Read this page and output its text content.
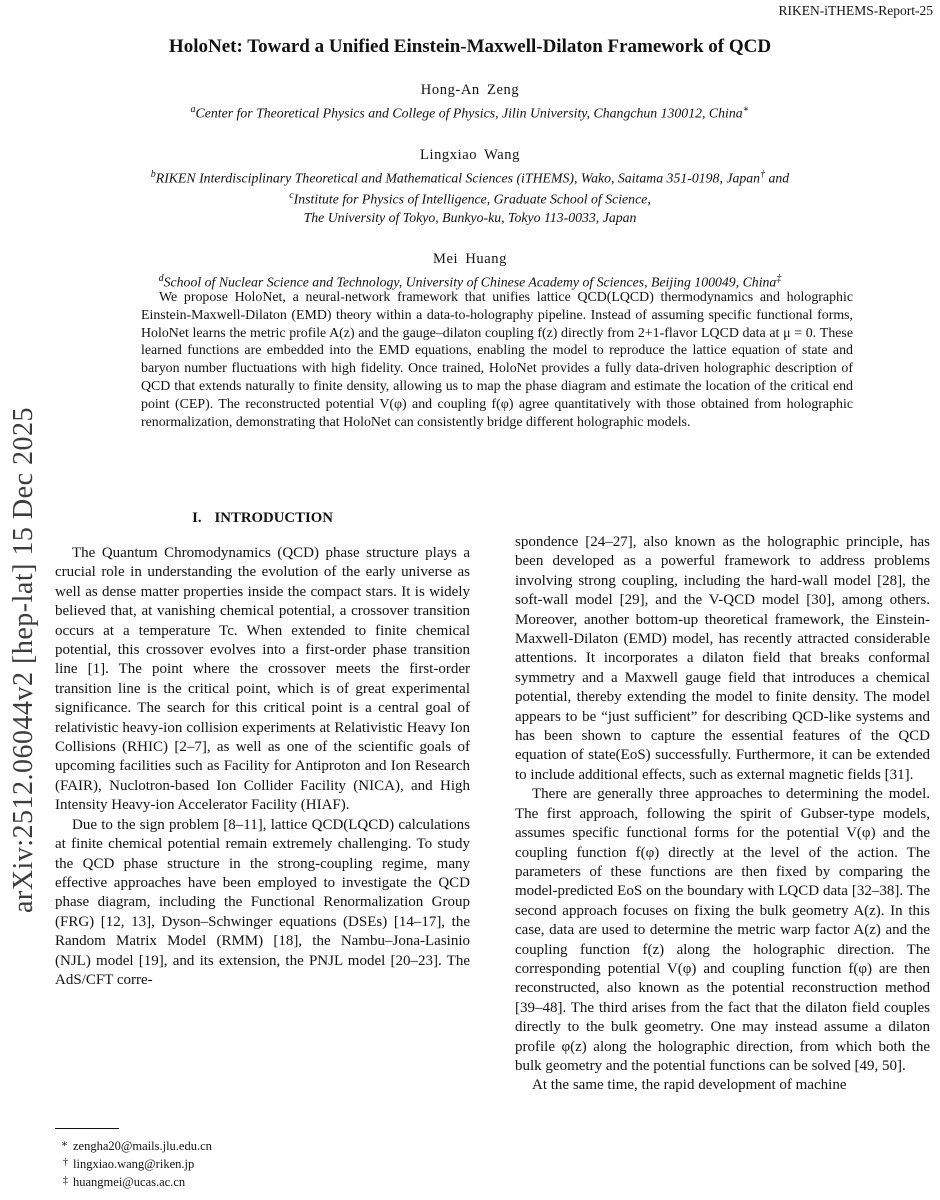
RIKEN-iTHEMS-Report-25
HoloNet: Toward a Unified Einstein-Maxwell-Dilaton Framework of QCD
Hong-An Zeng
$^a$Center for Theoretical Physics and College of Physics, Jilin University, Changchun 130012, China∗
Lingxiao Wang
$^b$RIKEN Interdisciplinary Theoretical and Mathematical Sciences (iTHEMS), Wako, Saitama 351-0198, Japan† and
$^c$Institute for Physics of Intelligence, Graduate School of Science,
The University of Tokyo, Bunkyo-ku, Tokyo 113-0033, Japan
Mei Huang
$^d$School of Nuclear Science and Technology, University of Chinese Academy of Sciences, Beijing 100049, China‡
We propose HoloNet, a neural-network framework that unifies lattice QCD(LQCD) thermodynamics and holographic Einstein-Maxwell-Dilaton (EMD) theory within a data-to-holography pipeline. Instead of assuming specific functional forms, HoloNet learns the metric profile A(z) and the gauge–dilaton coupling f(z) directly from 2+1-flavor LQCD data at μ = 0. These learned functions are embedded into the EMD equations, enabling the model to reproduce the lattice equation of state and baryon number fluctuations with high fidelity. Once trained, HoloNet provides a fully data-driven holographic description of QCD that extends naturally to finite density, allowing us to map the phase diagram and estimate the location of the critical end point (CEP). The reconstructed potential V(φ) and coupling f(φ) agree quantitatively with those obtained from holographic renormalization, demonstrating that HoloNet can consistently bridge different holographic models.
I. INTRODUCTION

The Quantum Chromodynamics (QCD) phase structure plays a crucial role in understanding the evolution of the early universe as well as dense matter properties inside the compact stars. It is widely believed that, at vanishing chemical potential, a crossover transition occurs at a temperature Tc. When extended to finite chemical potential, this crossover evolves into a first-order phase transition line [1]. The point where the crossover meets the first-order transition line is the critical point, which is of great experimental significance. The search for this critical point is a central goal of relativistic heavy-ion collision experiments at Relativistic Heavy Ion Collisions (RHIC) [2–7], as well as one of the scientific goals of upcoming facilities such as Facility for Antiproton and Ion Research (FAIR), Nuclotron-based Ion Collider Facility (NICA), and High Intensity Heavy-ion Accelerator Facility (HIAF).

Due to the sign problem [8–11], lattice QCD(LQCD) calculations at finite chemical potential remain extremely challenging. To study the QCD phase structure in the strong-coupling regime, many effective approaches have been employed to investigate the QCD phase diagram, including the Functional Renormalization Group (FRG) [12, 13], Dyson–Schwinger equations (DSEs) [14–17], the Random Matrix Model (RMM) [18], the Nambu–Jona-Lasinio (NJL) model [19], and its extension, the PNJL model [20–23]. The AdS/CFT corre-

spondence [24–27], also known as the holographic principle, has been developed as a powerful framework to address problems involving strong coupling, including the hard-wall model [28], the soft-wall model [29], and the V-QCD model [30], among others. Moreover, another bottom-up theoretical framework, the Einstein-Maxwell-Dilaton (EMD) model, has recently attracted considerable attentions. It incorporates a dilaton field that breaks conformal symmetry and a Maxwell gauge field that introduces a chemical potential, thereby extending the model to finite density. The model appears to be “just sufficient” for describing QCD-like systems and has been shown to capture the essential features of the QCD equation of state(EoS) successfully. Furthermore, it can be extended to include additional effects, such as external magnetic fields [31].

There are generally three approaches to determining the model. The first approach, following the spirit of Gubser-type models, assumes specific functional forms for the potential V(φ) and the coupling function f(φ) directly at the level of the action. The parameters of these functions are then fixed by comparing the model-predicted EoS on the boundary with LQCD data [32–38]. The second approach focuses on fixing the bulk geometry A(z). In this case, data are used to determine the metric warp factor A(z) and the coupling function f(z) along the holographic direction. The corresponding potential V(φ) and coupling function f(φ) are then reconstructed, also known as the potential reconstruction method [39–48]. The third arises from the fact that the dilaton field couples directly to the bulk geometry. One may instead assume a dilaton profile φ(z) along the holographic direction, from which both the bulk geometry and the potential functions can be solved [49, 50].

At the same time, the rapid development of machine

arXiv:2512.06044v2 [hep-lat] 15 Dec 2025
∗ zengha20@mails.jlu.edu.cn
† lingxiao.wang@riken.jp
‡ huangmei@ucas.ac.cn
